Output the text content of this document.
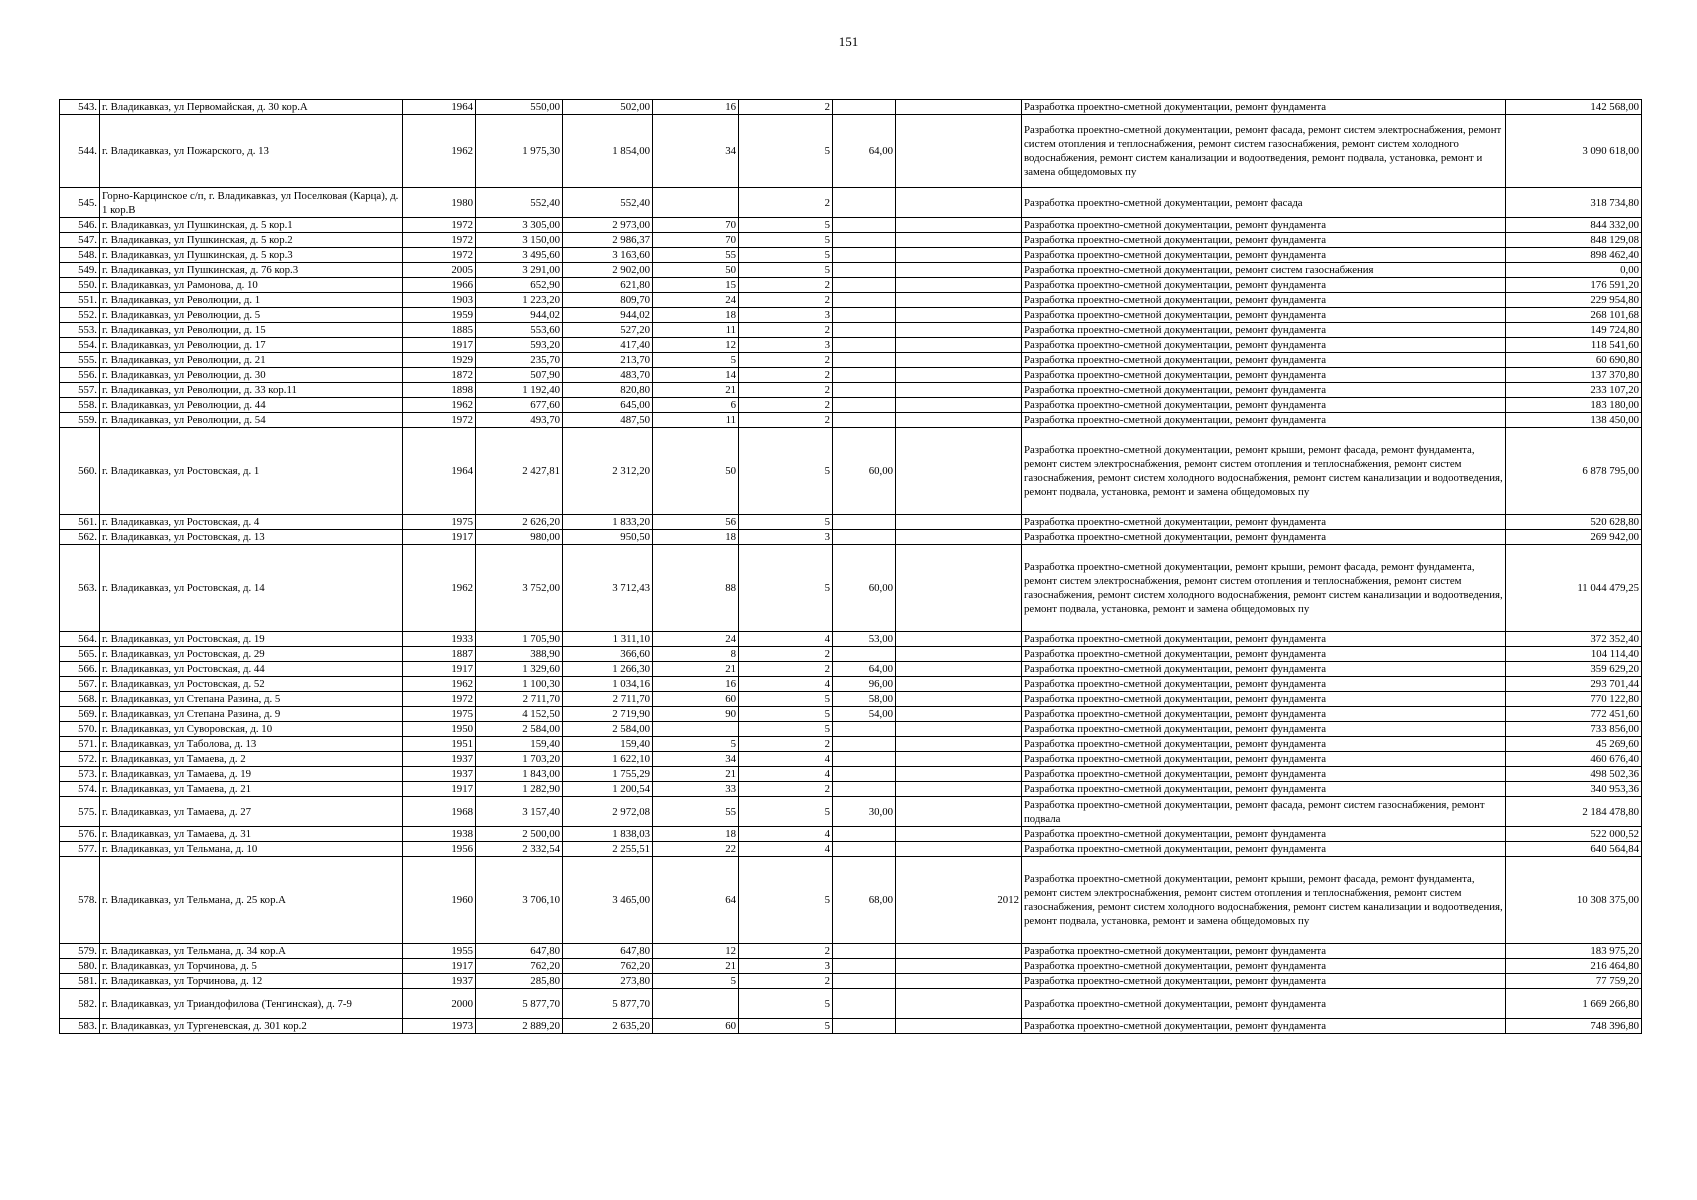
151
543.	г. Владикавказ, ул Первомайская, д. 30 кор.А	1964	550,00	502,00	16	2			Разработка проектно-сметной документации, ремонт фундамента	142 568,00
544.	г. Владикавказ, ул Пожарского, д. 13	1962	1 975,30	1 854,00	34	5	64,00		Разработка проектно-сметной документации, ремонт фасада, ремонт систем электроснабжения, ремонт систем отопления и теплоснабжения, ремонт систем газоснабжения, ремонт систем холодного водоснабжения, ремонт систем канализации и водоотведения, ремонт подвала, установка, ремонт и замена общедомовых пу	3 090 618,00
545.	Горно-Карцинское с/п, г. Владикавказ, ул Поселковая (Карца), д. 1 кор.В	1980	552,40	552,40		2			Разработка проектно-сметной документации, ремонт фасада	318 734,80
546.	г. Владикавказ, ул Пушкинская, д. 5 кор.1	1972	3 305,00	2 973,00	70	5			Разработка проектно-сметной документации, ремонт фундамента	844 332,00
547.	г. Владикавказ, ул Пушкинская, д. 5 кор.2	1972	3 150,00	2 986,37	70	5			Разработка проектно-сметной документации, ремонт фундамента	848 129,08
548.	г. Владикавказ, ул Пушкинская, д. 5 кор.3	1972	3 495,60	3 163,60	55	5			Разработка проектно-сметной документации, ремонт фундамента	898 462,40
549.	г. Владикавказ, ул Пушкинская, д. 76 кор.3	2005	3 291,00	2 902,00	50	5			Разработка проектно-сметной документации, ремонт систем газоснабжения	0,00
550.	г. Владикавказ, ул Рамонова, д. 10	1966	652,90	621,80	15	2			Разработка проектно-сметной документации, ремонт фундамента	176 591,20
551.	г. Владикавказ, ул Революции, д. 1	1903	1 223,20	809,70	24	2			Разработка проектно-сметной документации, ремонт фундамента	229 954,80
552.	г. Владикавказ, ул Революции, д. 5	1959	944,02	944,02	18	3			Разработка проектно-сметной документации, ремонт фундамента	268 101,68
553.	г. Владикавказ, ул Революции, д. 15	1885	553,60	527,20	11	2			Разработка проектно-сметной документации, ремонт фундамента	149 724,80
554.	г. Владикавказ, ул Революции, д. 17	1917	593,20	417,40	12	3			Разработка проектно-сметной документации, ремонт фундамента	118 541,60
555.	г. Владикавказ, ул Революции, д. 21	1929	235,70	213,70	5	2			Разработка проектно-сметной документации, ремонт фундамента	60 690,80
556.	г. Владикавказ, ул Революции, д. 30	1872	507,90	483,70	14	2			Разработка проектно-сметной документации, ремонт фундамента	137 370,80
557.	г. Владикавказ, ул Революции, д. 33 кор.11	1898	1 192,40	820,80	21	2			Разработка проектно-сметной документации, ремонт фундамента	233 107,20
558.	г. Владикавказ, ул Революции, д. 44	1962	677,60	645,00	6	2			Разработка проектно-сметной документации, ремонт фундамента	183 180,00
559.	г. Владикавказ, ул Революции, д. 54	1972	493,70	487,50	11	2			Разработка проектно-сметной документации, ремонт фундамента	138 450,00
560.	г. Владикавказ, ул Ростовская, д. 1	1964	2 427,81	2 312,20	50	5	60,00		Разработка проектно-сметной документации, ремонт крыши, ремонт фасада, ремонт фундамента, ремонт систем электроснабжения, ремонт систем отопления и теплоснабжения, ремонт систем газоснабжения, ремонт систем холодного водоснабжения, ремонт систем канализации и водоотведения, ремонт подвала, установка, ремонт и замена общедомовых пу	6 878 795,00
561.	г. Владикавказ, ул Ростовская, д. 4	1975	2 626,20	1 833,20	56	5			Разработка проектно-сметной документации, ремонт фундамента	520 628,80
562.	г. Владикавказ, ул Ростовская, д. 13	1917	980,00	950,50	18	3			Разработка проектно-сметной документации, ремонт фундамента	269 942,00
563.	г. Владикавказ, ул Ростовская, д. 14	1962	3 752,00	3 712,43	88	5	60,00		Разработка проектно-сметной документации, ремонт крыши, ремонт фасада, ремонт фундамента, ремонт систем электроснабжения, ремонт систем отопления и теплоснабжения, ремонт систем газоснабжения, ремонт систем холодного водоснабжения, ремонт систем канализации и водоотведения, ремонт подвала, установка, ремонт и замена общедомовых пу	11 044 479,25
564.	г. Владикавказ, ул Ростовская, д. 19	1933	1 705,90	1 311,10	24	4	53,00		Разработка проектно-сметной документации, ремонт фундамента	372 352,40
565.	г. Владикавказ, ул Ростовская, д. 29	1887	388,90	366,60	8	2			Разработка проектно-сметной документации, ремонт фундамента	104 114,40
566.	г. Владикавказ, ул Ростовская, д. 44	1917	1 329,60	1 266,30	21	2	64,00		Разработка проектно-сметной документации, ремонт фундамента	359 629,20
567.	г. Владикавказ, ул Ростовская, д. 52	1962	1 100,30	1 034,16	16	4	96,00		Разработка проектно-сметной документации, ремонт фундамента	293 701,44
568.	г. Владикавказ, ул Степана Разина, д. 5	1972	2 711,70	2 711,70	60	5	58,00		Разработка проектно-сметной документации, ремонт фундамента	770 122,80
569.	г. Владикавказ, ул Степана Разина, д. 9	1975	4 152,50	2 719,90	90	5	54,00		Разработка проектно-сметной документации, ремонт фундамента	772 451,60
570.	г. Владикавказ, ул Суворовская, д. 10	1950	2 584,00	2 584,00		5			Разработка проектно-сметной документации, ремонт фундамента	733 856,00
571.	г. Владикавказ, ул Таболова, д. 13	1951	159,40	159,40	5	2			Разработка проектно-сметной документации, ремонт фундамента	45 269,60
572.	г. Владикавказ, ул Тамаева, д. 2	1937	1 703,20	1 622,10	34	4			Разработка проектно-сметной документации, ремонт фундамента	460 676,40
573.	г. Владикавказ, ул Тамаева, д. 19	1937	1 843,00	1 755,29	21	4			Разработка проектно-сметной документации, ремонт фундамента	498 502,36
574.	г. Владикавказ, ул Тамаева, д. 21	1917	1 282,90	1 200,54	33	2			Разработка проектно-сметной документации, ремонт фундамента	340 953,36
575.	г. Владикавказ, ул Тамаева, д. 27	1968	3 157,40	2 972,08	55	5	30,00		Разработка проектно-сметной документации, ремонт фасада, ремонт систем газоснабжения, ремонт подвала	2 184 478,80
576.	г. Владикавказ, ул Тамаева, д. 31	1938	2 500,00	1 838,03	18	4			Разработка проектно-сметной документации, ремонт фундамента	522 000,52
577.	г. Владикавказ, ул Тельмана, д. 10	1956	2 332,54	2 255,51	22	4			Разработка проектно-сметной документации, ремонт фундамента	640 564,84
578.	г. Владикавказ, ул Тельмана, д. 25 кор.А	1960	3 706,10	3 465,00	64	5	68,00	2012	Разработка проектно-сметной документации, ремонт крыши, ремонт фасада, ремонт фундамента, ремонт систем электроснабжения, ремонт систем отопления и теплоснабжения, ремонт систем газоснабжения, ремонт систем холодного водоснабжения, ремонт систем канализации и водоотведения, ремонт подвала, установка, ремонт и замена общедомовых пу	10 308 375,00
579.	г. Владикавказ, ул Тельмана, д. 34 кор.А	1955	647,80	647,80	12	2			Разработка проектно-сметной документации, ремонт фундамента	183 975,20
580.	г. Владикавказ, ул Торчинова, д. 5	1917	762,20	762,20	21	3			Разработка проектно-сметной документации, ремонт фундамента	216 464,80
581.	г. Владикавказ, ул Торчинова, д. 12	1937	285,80	273,80	5	2			Разработка проектно-сметной документации, ремонт фундамента	77 759,20
582.	г. Владикавказ, ул Триандофилова (Тенгинская), д. 7-9	2000	5 877,70	5 877,70		5			Разработка проектно-сметной документации, ремонт фундамента	1 669 266,80
583.	г. Владикавказ, ул Тургеневская, д. 301 кор.2	1973	2 889,20	2 635,20	60	5			Разработка проектно-сметной документации, ремонт фундамента	748 396,80
